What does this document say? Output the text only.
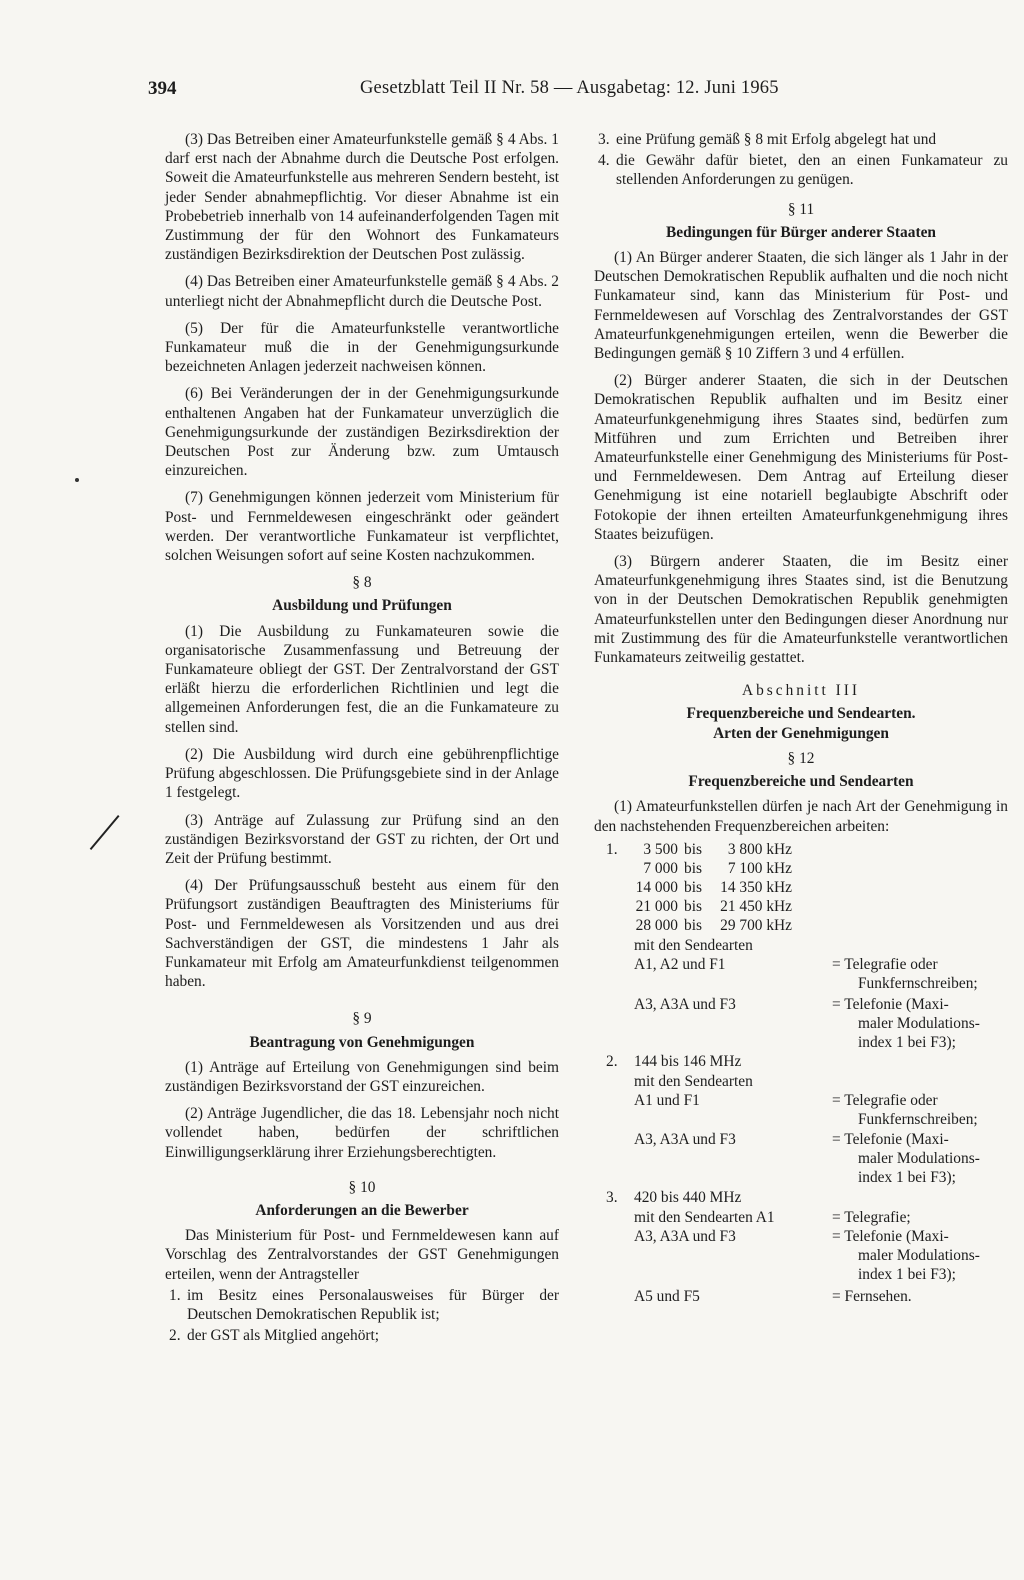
394	Gesetzblatt Teil II Nr. 58 — Ausgabetag: 12. Juni 1965

(3) Das Betreiben einer Amateurfunkstelle gemäß § 4 Abs. 1 darf erst nach der Abnahme durch die Deutsche Post erfolgen. Soweit die Amateurfunkstelle aus mehreren Sendern besteht, ist jeder Sender abnahmepflichtig. Vor dieser Abnahme ist ein Probebetrieb innerhalb von 14 aufeinanderfolgenden Tagen mit Zustimmung der für den Wohnort des Funkamateurs zuständigen Bezirksdirektion der Deutschen Post zulässig.

(4) Das Betreiben einer Amateurfunkstelle gemäß § 4 Abs. 2 unterliegt nicht der Abnahmepflicht durch die Deutsche Post.

(5) Der für die Amateurfunkstelle verantwortliche Funkamateur muß die in der Genehmigungsurkunde bezeichneten Anlagen jederzeit nachweisen können.

(6) Bei Veränderungen der in der Genehmigungsurkunde enthaltenen Angaben hat der Funkamateur unverzüglich die Genehmigungsurkunde der zuständigen Bezirksdirektion der Deutschen Post zur Änderung bzw. zum Umtausch einzureichen.

(7) Genehmigungen können jederzeit vom Ministerium für Post- und Fernmeldewesen eingeschränkt oder geändert werden. Der verantwortliche Funkamateur ist verpflichtet, solchen Weisungen sofort auf seine Kosten nachzukommen.

§ 8
Ausbildung und Prüfungen

(1) Die Ausbildung zu Funkamateuren sowie die organisatorische Zusammenfassung und Betreuung der Funkamateure obliegt der GST. Der Zentralvorstand der GST erläßt hierzu die erforderlichen Richtlinien und legt die allgemeinen Anforderungen fest, die an die Funkamateure zu stellen sind.

(2) Die Ausbildung wird durch eine gebührenpflichtige Prüfung abgeschlossen. Die Prüfungsgebiete sind in der Anlage 1 festgelegt.

(3) Anträge auf Zulassung zur Prüfung sind an den zuständigen Bezirksvorstand der GST zu richten, der Ort und Zeit der Prüfung bestimmt.

(4) Der Prüfungsausschuß besteht aus einem für den Prüfungsort zuständigen Beauftragten des Ministeriums für Post- und Fernmeldewesen als Vorsitzenden und aus drei Sachverständigen der GST, die mindestens 1 Jahr als Funkamateur mit Erfolg am Amateurfunkdienst teilgenommen haben.

§ 9
Beantragung von Genehmigungen

(1) Anträge auf Erteilung von Genehmigungen sind beim zuständigen Bezirksvorstand der GST einzureichen.

(2) Anträge Jugendlicher, die das 18. Lebensjahr noch nicht vollendet haben, bedürfen der schriftlichen Einwilligungserklärung ihrer Erziehungsberechtigten.

§ 10
Anforderungen an die Bewerber

Das Ministerium für Post- und Fernmeldewesen kann auf Vorschlag des Zentralvorstandes der GST Genehmigungen erteilen, wenn der Antragsteller

1. im Besitz eines Personalausweises für Bürger der Deutschen Demokratischen Republik ist;
2. der GST als Mitglied angehört;
3. eine Prüfung gemäß § 8 mit Erfolg abgelegt hat und
4. die Gewähr dafür bietet, den an einen Funkamateur zu stellenden Anforderungen zu genügen.
§ 11
Bedingungen für Bürger anderer Staaten

(1) An Bürger anderer Staaten, die sich länger als 1 Jahr in der Deutschen Demokratischen Republik aufhalten und die noch nicht Funkamateur sind, kann das Ministerium für Post- und Fernmeldewesen auf Vorschlag des Zentralvorstandes der GST Amateurfunkgenehmigungen erteilen, wenn die Bewerber die Bedingungen gemäß § 10 Ziffern 3 und 4 erfüllen.

(2) Bürger anderer Staaten, die sich in der Deutschen Demokratischen Republik aufhalten und im Besitz einer Amateurfunkgenehmigung ihres Staates sind, bedürfen zum Mitführen und zum Errichten und Betreiben ihrer Amateurfunkstelle einer Genehmigung des Ministeriums für Post- und Fernmeldewesen. Dem Antrag auf Erteilung dieser Genehmigung ist eine notariell beglaubigte Abschrift oder Fotokopie der ihnen erteilten Amateurfunkgenehmigung ihres Staates beizufügen.

(3) Bürgern anderer Staaten, die im Besitz einer Amateurfunkgenehmigung ihres Staates sind, ist die Benutzung von in der Deutschen Demokratischen Republik genehmigten Amateurfunkstellen unter den Bedingungen dieser Anordnung nur mit Zustimmung des für die Amateurfunkstelle verantwortlichen Funkamateurs zeitweilig gestattet.

Abschnitt III
Frequenzbereiche und Sendearten.
Arten der Genehmigungen
§ 12
Frequenzbereiche und Sendearten

(1) Amateurfunkstellen dürfen je nach Art der Genehmigung in den nachstehenden Frequenzbereichen arbeiten:

1.	3 500 bis	3 800 kHz
7 000 bis	7 100 kHz
14 000 bis	14 350 kHz
21 000 bis	21 450 kHz
28 000 bis	29 700 kHz
mit den Sendearten
A1, A2 und F1	= Telegrafie oder
Funkfernschreiben;
A3, A3A und F3	= Telefonie (Maxi-
maler Modulations-
index 1 bei F3);
2. 144 bis 146 MHz
mit den Sendearten
A1 und F1	= Telegrafie oder
Funkfernschreiben;
A3, A3A und F3	= Telefonie (Maxi-
maler Modulations-
index 1 bei F3);
3. 420 bis 440 MHz
mit den Sendearten A1	= Telegrafie;
A3, A3A und F3	= Telefonie (Maxi-
maler Modulations-
index 1 bei F3);
A5 und F5	= Fernsehen.
